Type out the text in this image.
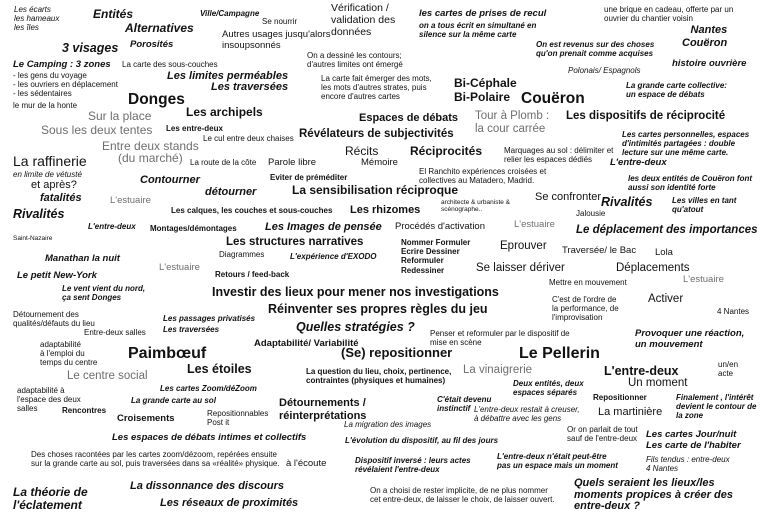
Les écarts
les hameaux
les îles
Entités	Ville/Campagne
Se nourrir
Vérification /
validation des
données
les cartes de prises de recul
on a tous écrit en simultané en
silence sur la même carte
une brique en cadeau, offerte par un
ouvrier du chantier voisin
Nantes
Couëron
Alternatives	Autres usages jusqu'alors
insoupsonnés
Porosités	On est revenus sur des choses
qu'on prenait comme acquises
3 visages
On a dessiné les contours;
d'autres limites ont émergé
Le Camping : 3 zones
- les gens du voyage
- les ouvriers en déplacement
- les sédentaires
le mur de la honte
La carte des sous-couches	histoire ouvrière
Polonais/ Espagnols
Les limites perméables
Les traversées
La carte fait émerger des mots,
les mots d'autres strates, puis
encore d'autres cartes
Bi-Céphale
Bi-Polaire
La grande carte collective:
un espace de débats
Donges	Couëron
Les archipels	Espaces de débats Tour à Plomb :
la cour carrée
Les dispositifs de réciprocité
Sur la place
Sous les deux tentes Les entre-deux
Le cul entre deux chaises Révélateurs de subjectivités	Les cartes personnelles, espaces
d'intimités partagées : double
lecture sur une même carte.
Entre deux stands
(du marché)	Récits	Réciprocités	Marquages au sol : délimiter et
relier les espaces dédiés
La raffinerie	La route de la côte Parole libre	Mémoire	L'entre-deux
en limite de vétusté	Contourner	Eviter de préméditer
El Ranchito expériences croisées et
collectives au Matadero, Madrid.	les deux entités de Couëron font
aussi son identité forte
et après?
détourner	La sensibilisation réciproque	Se confronter
fatalités	L'estuaire	Rivalités
Rivalités	Les calques, les couches et sous-couches Les rhizomes
architecte & urbaniste &
scénographe..	Jalousie
Les villes en tant
qu'atout
L'entre-deux Montages/démontages	Les Images de pensée Procédés d'activation	L'estuaire
Saint-Nazaire
Le déplacement des importances
Les structures narratives	Nommer Formuler
Ecrire Dessiner
Reformuler
Redessiner
Eprouver Traversée/ le Bac
Diagrammes	L'expérience d'EXODO	Lola
Manathan la nuit
L'estuaire	Se laisser dériver	Déplacements
Le petit New-York	Retours / feed-back	L'estuaire
Mettre en mouvement
Le vent vient du nord,
ça sent Donges	Investir des lieux pour mener nos investigations	Activer
C'est de l'ordre de
la performance, de
l'improvisation
Détournement des
qualités/défauts du lieu
Réinventer ses propres règles du jeu	4 Nantes
Les passages privatisés
Les traversées
Entre-deux salles	Quelles stratégies ?	Provoquer une réaction,
un mouvement
adaptabilité
à l'emploi du
temps du centre
Penser et reformuler par le dispositif de
mise en scène
Adaptabilité/ Variabilité
Paimbœuf	(Se) repositionner	Le Pellerin
un/en
acte
Les étoiles	La question du lieu, choix, pertinence,
contraintes (physiques et humaines)
La vinaigrerie	L'entre-deux
Le centre social
Deux entités, deux
espaces séparés
Un moment
adaptabilité à
l'espace des deux
salles
Les cartes Zoom/déZoom
Repositionner	Finalement , l'intérêt
devient le contour de
la zone
La grande carte au sol	Détournements /
réinterprétations
C'était devenu
instinctif	La martinière
Rencontres	Repositionnables
Post it
Croisements
L'entre-deux restait à creuser,
à débattre avec les gens
La migration des images
Or on parlait de tout
sauf de l'entre-deux Les cartes Jour/nuit
Les carte de l'habiter
Fils tendus : entre-deux
4 Nantes
Les espaces de débats intimes et collectifs	L'évolution du dispositif, au fil des jours
Des choses racontées par les cartes zoom/dézoom, repérées ensuite
sur la grande carte au sol, puis traversées dans sa «réalité» physique. à l'écoute	Dispositif inversé : leurs actes
révélaient l'entre-deux
L'entre-deux n'était peut-être
pas un espace mais un moment
La dissonnance des discours	Quels seraient les lieux/les
moments propices à créer des
entre-deux ?
La théorie de
l'éclatement
On a choisi de rester implicite, de ne plus nommer
cet entre-deux, de laisser le choix, de laisser ouvert.
Les réseaux de proximités
